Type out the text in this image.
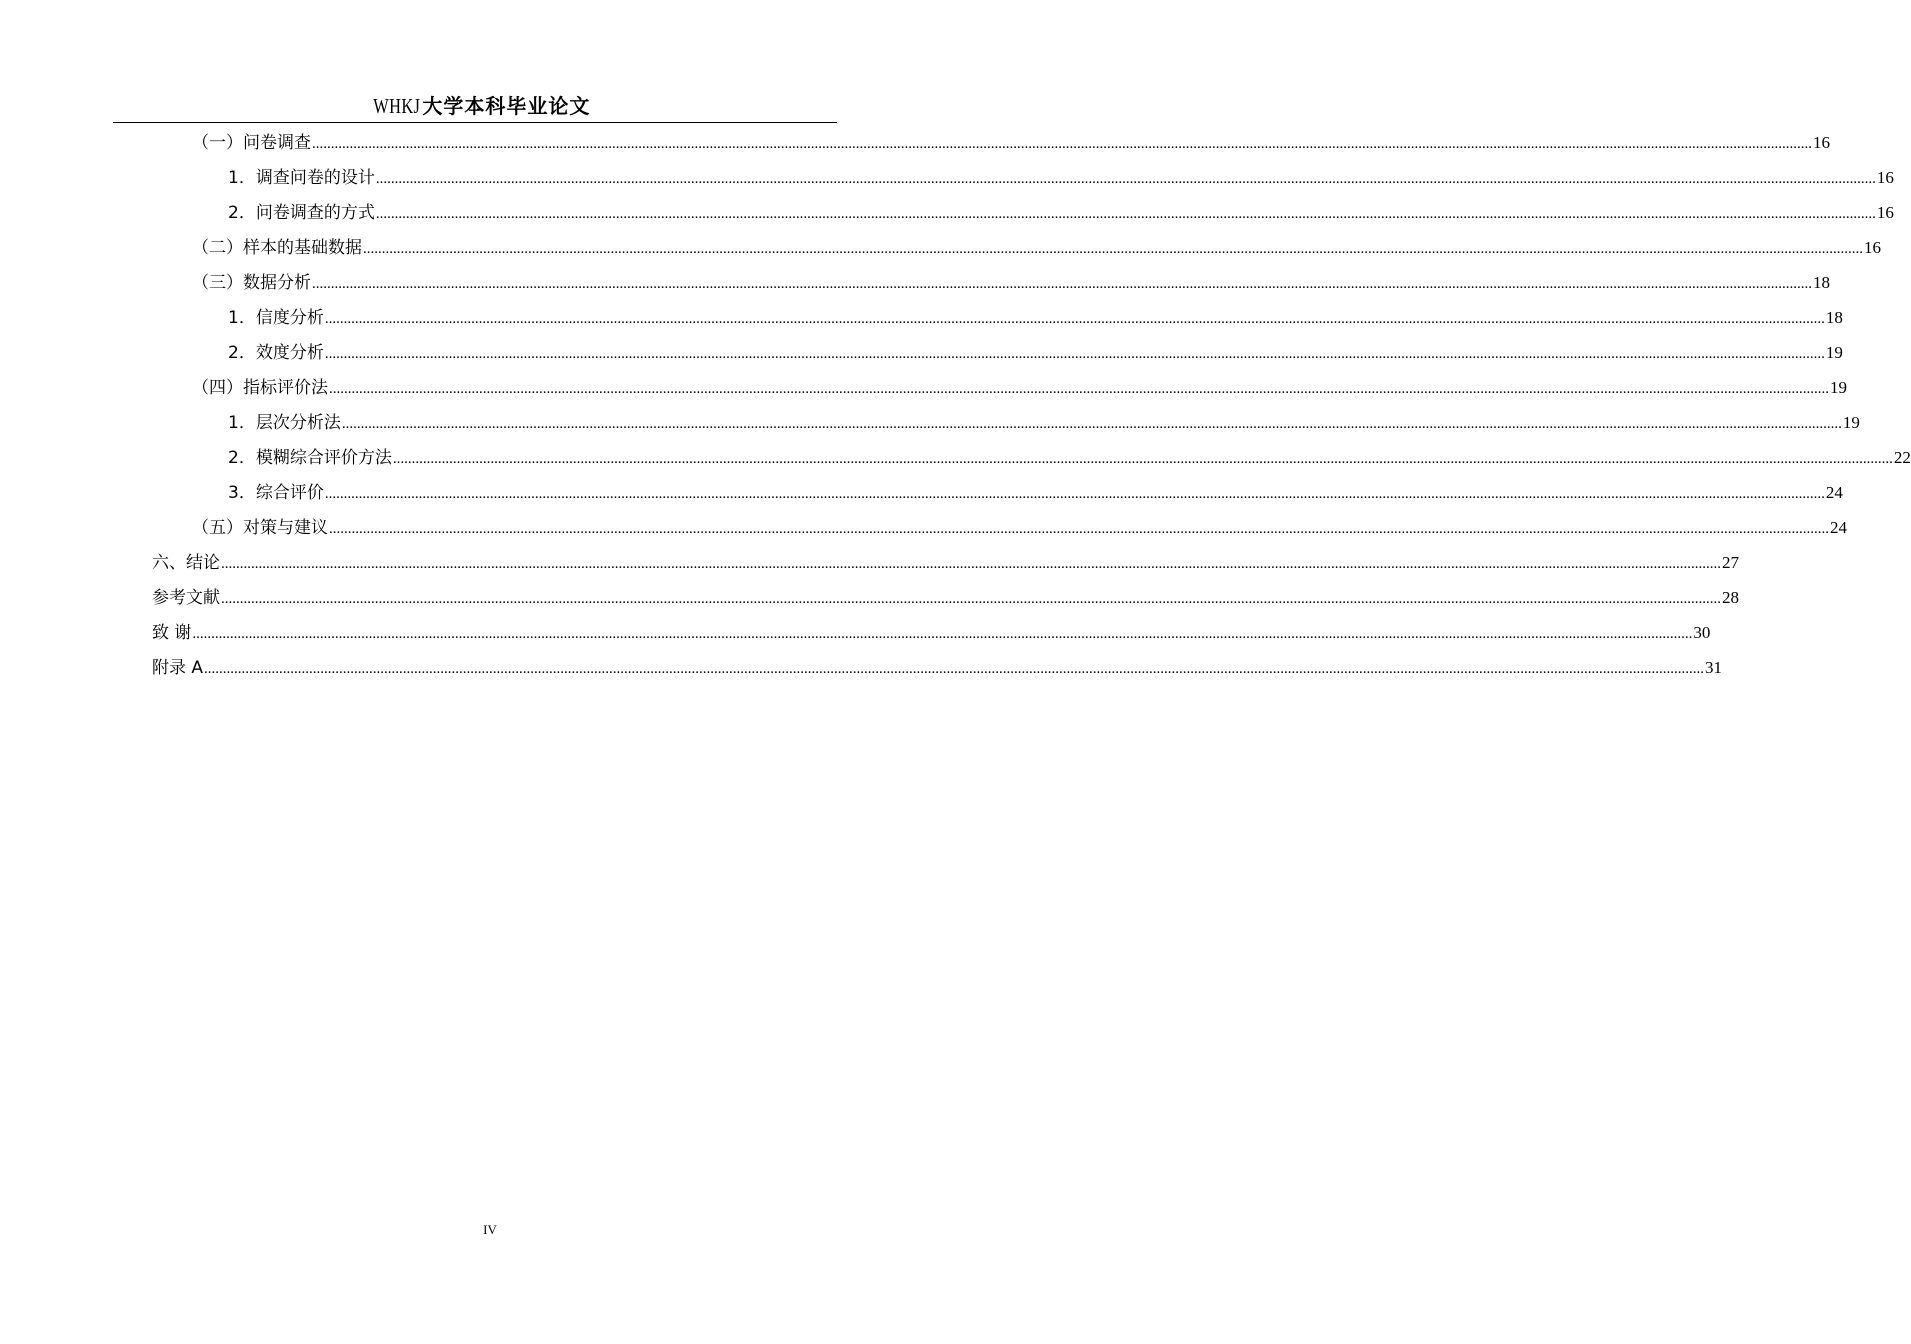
WHKJ 大学本科毕业论文
（一）问卷调查 ................................................................................................................................................................................................................................................................................................................................................................................................................ 16
1．调查问卷的设计 ................................................................................................................................................................................................................................................................................................................................................................................................................ 16
2．问卷调查的方式 ................................................................................................................................................................................................................................................................................................................................................................................................................ 16
（二）样本的基础数据 ................................................................................................................................................................................................................................................................................................................................................................................................................ 16
（三）数据分析 ................................................................................................................................................................................................................................................................................................................................................................................................................ 18
1．信度分析 ................................................................................................................................................................................................................................................................................................................................................................................................................ 18
2．效度分析 ................................................................................................................................................................................................................................................................................................................................................................................................................ 19
（四）指标评价法 ................................................................................................................................................................................................................................................................................................................................................................................................................ 19
1．层次分析法 ................................................................................................................................................................................................................................................................................................................................................................................................................ 19
2．模糊综合评价方法 ................................................................................................................................................................................................................................................................................................................................................................................................................ 22
3．综合评价 ................................................................................................................................................................................................................................................................................................................................................................................................................ 24
（五）对策与建议 ................................................................................................................................................................................................................................................................................................................................................................................................................ 24
六、结论 ................................................................................................................................................................................................................................................................................................................................................................................................................ 27
参考文献 ................................................................................................................................................................................................................................................................................................................................................................................................................ 28
致 谢 ................................................................................................................................................................................................................................................................................................................................................................................................................ 30
附录 A ................................................................................................................................................................................................................................................................................................................................................................................................................ 31
IV
